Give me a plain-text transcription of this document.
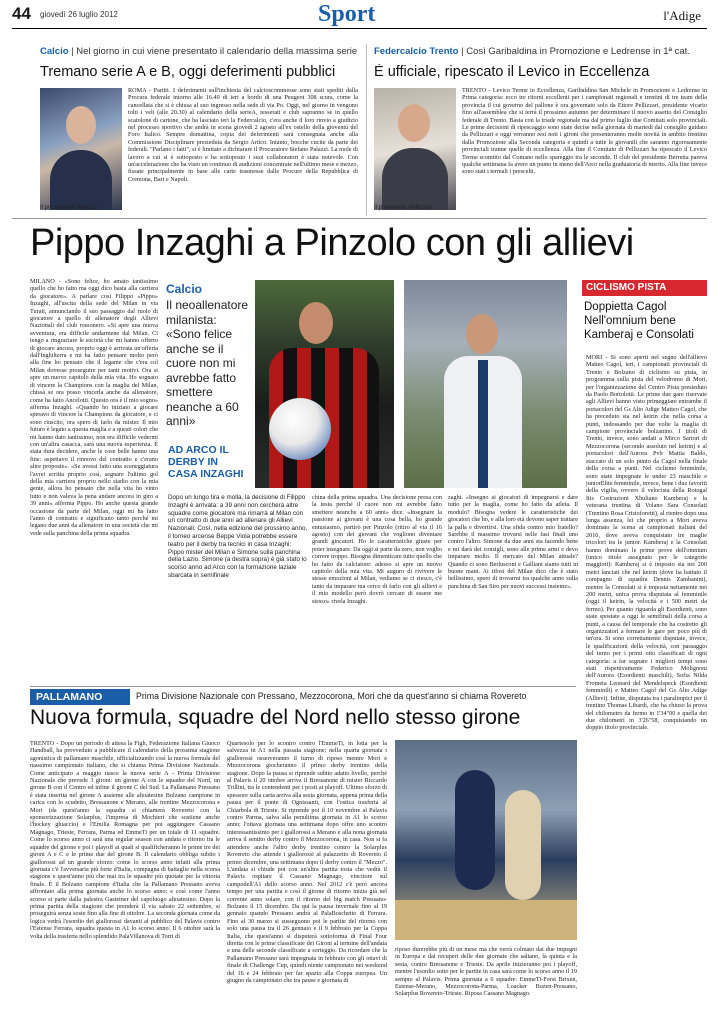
44 giovedì 26 luglio 2012	Sport	l'Adige
Calcio | Nel giorno in cui viene presentato il calendario della massima serie
Tremano serie A e B, oggi deferimenti pubblici
Il pm federale Palazzi
ROMA - Partiti. I deferimenti sull'inchiesta del calcioscommesse sono stati spediti dalla Procura federale intorno alle 16.40 di ieri a bordo di una Peugeot 308 scura, come la cancellata che si è chiusa al suo ingresso nella sede di via Po. Oggi, nel giorno in vengono tolti i veli (alle 20.30) al calendario della serieA, tesserati e club sapranno se in quello scatolone di cartone, che ha lasciato ieri la Federcalcio, c'era anche il loro rinvio a giudizio nel processo sportivo che andrà in scena giovedì 2 agosto all'ex ostello della gioventù del Foro Italico. Sempre domattina, copia dei deferimenti sarà consegnata anche alla Commissione Disciplinare presieduta da Sergio Artico. Intanto, bocche cucite da parte dei federali. "Parlano i fatti", si è limitato a dichiarare il Procuratore Stefano Palazzi. La mole di lavoro a cui si è sottoposto e ha sottoposto i suoi collaboratori è stata notevole. Con un'accelerazione che ha visto un continuo di audizioni concentrate nell'ultimo mese e mezzo, fissate principalmente in base alle carte trasmesse dalle Procure della Repubblica di Cremona, Bari e Napoli.
Federcalcio Trento | Così Garibaldina in Promozione e Ledrense in 1ª cat.
È ufficiale, ripescato il Levico in Eccellenza
Il presidente Pellizzari
TRENTO - Levico Terme in Eccellenza, Garibaldina San Michele in Promozione e Ledrense in Prima categoria: ecco tre ritorni eccellenti per i campionati regionali e trentini di tre team della provincia il cui governo del pallone è ora governato solo da Ettore Pellizzari, presidente vicario fino all'assemblea che si terrà il prossimo autunno per determinare il nuovo assetto del Consiglio federale di Trento. Basta con la triade regionale ma dal primo luglio due Comitati solo provinciali. Le prime decisioni di ripescaggio sono state decise nella giornata di martedì dal consiglio guidato da Pellizzari e oggi verranno resi noti i gironi che presenteranno molte novità in ambito trentino dalla Promozione alla Seconda categoria e quindi a tutte le giovanili che saranno rigorosamente provinciali tranne quelle di eccellenza. Alla fine il Comitato di Pellizzari ha ripescato il Levico Terme scomitto dal Comano nello spareggio tra le seconde. Il club del presidente Berretta pareva qualche settimana fa avere un punto in meno dell'Arco nella graduatoria di merito. Alla fine invece sono stati i termali i prescelti.
Pippo Inzaghi a Pinzolo con gli allievi
MILANO - «Sono felice, ho amato tantissimo quello che ho fatto ma oggi dico basta alla carriera da giocatore». A parlare così Filippo «Pippo» Inzaghi, all'uscita della sede del Milan in via Turati, annunciando il suo passaggio dal ruolo di giocatore a quello di allenatore degli Allievi Nazionali del club rossonero. «Si apre una nuova avventura, era difficile andarmene dal Milan. Ci tengo a ringraziare le società che mi hanno offerto di giocare ancora, proprio oggi è arrivata un'offerta dall'Inghilterra e mi ha fatto pensare molto però alla fine ho pensato che il legame che c'era col Milan dovesse proseguire per tanti motivi. Ora si apre un nuovo capitolo della mia vita. Ho sognato di vincere la Champions con la maglia del Milan, chissà se ora posso vincerla anche da allenatore, come ha fatto Ancelotti. Questo ora è il mio sogno» afferma Inzaghi. «Quando ho iniziato a giocare speravo di vincere la Champions da giocatore, e ci sono riuscito, ora spero di farlo da mister. Il mio futuro è legato a questa maglia e a questi colori che mi hanno dato tantissimo, non era difficile vedermi con un'altra casacca, sarà una nuova esperienza. È stata dura decidere, anche le cose belle hanno una fine: aspettavo il rinnovo del contratto e c'erano altre proposte». «Se avessi fatto una sceneggiatura l'avrei scritta proprio così, segnare l'ultimo gol della mia carriera proprio nello stadio con la mia gente, allora ho pensato che nella vita ho vinto tutto e non valeva la pena andare ancora in giro a 39 anni» afferma Pippo. Ho anche questa grande occasione da parte del Milan, oggi mi ha fatto l'anno di contratto e significano tanto perché mi legano due anni da allenatore in una società che mi vede sulla panchina della prima squadra.
Calcio
Il neoallenatore milanista: «Sono felice anche se il cuore non mi avrebbe fatto smettere neanche a 60 anni»
AD ARCO IL DERBY IN CASA INZAGHI
Dopo un lungo tira e molla, la decisione di Filippo Inzaghi è arrivata: a 39 anni non cercherà altre squadre come giocatore ma rimarrà al Milan con un contratto di due anni ad allenare gli Allievi Nazionali. Così, nella edizione del prossimo anno, il torneo arcense Beppe Viola potrebbe essere teatro per il derby tra tecnici in casa Inzaghi: Pippo mister del Milan e Simone sulla panchina della Lazio. Simone (a destra sopra) è già stato lo scorso anno ad Arco con la formazione laziale sbarcata in semifinale
china della prima squadra. Una decisione presa con la testa perché il cuore non mi avrebbe fatto smettere neanche a 60 anni» dice. «Insegnare la passione ai giovani è una cosa bella, ho grande entusiasmo, partirò per Pinzolo (ritiro al via il 16 agosto) con dei giovani che vogliono diventare grandi giocatori. Ho le caratteristiche giuste per poter insegnare. Da oggi si parte da zero, non voglio correre troppo. Bisogna dimenticare tutto quello che ho fatto da calciatore: adesso si apre un nuovo capitolo della mia vita. Mi auguro di rivivere le stesse emozioni al Milan, vediamo se ci riesco, c'è tanto da imparare ma cerco di farlo con gli allievi e il mio modello però dovrò cercare di essere me stesso» rivela Inzaghi.
zaghi. «Insegno ai giocatori di impegnarsi e dare tutto per la maglia, come ho fatto da atleta. Il modulo? Bisogna vedere le caratteristiche dei giocatori che ho, e alla loro età devono saper trattare la palla e divertirsi. Una sfida contro mio fratello? Sarebbe il massimo trovarsi nelle fasi finali uno contro l'altro. Simone da due anni sta facendo bene e mi darà dei consigli, sono alle prime armi e devo imparare molto. Il mercato del Milan attuale? Quando ci sono Berlusconi e Galliani siamo tutti in buone mani. Ai tifosi del Milan dico che è stato bellissimo, spero di trovarmi tra qualche anno sulla panchina di San Siro per nuovi successi insieme».
CICLISMO PISTA
Doppietta Cagol Nell'omnium bene Kamberaj e Consolati
MORI - Si sono aperti nel segno dell'allievo Matteo Cagol, ieri, i campionati provinciali di Trento e Bolzano di ciclismo su pista, in programma sulla pista del velodromo di Mori, per l'organizzazione del Centro Pista presieduto da Paolo Bortolotti. Le prime due gare riservate agli Allievi hanno visto primeggiare entrambe il portacolori del Gs Alto Adige Matteo Cagol, che ha preceduto sia nel keirin che nella corsa a punti, indossando per due volte la maglia di campione provinciale bolzanino. I titoli di Trento, invece, sono andati a Mirco Sartori di Mezzocorona (secondo assoluto nel keirin) e al portacolori dell'Aurora Pvb Mattia Baldo, staccato di un solo punto da Cagol nella finale della corsa a punti. Nel ciclismo femminile, sono state impegnate le under 23 maschile e juniorÉlite femminile, invece, bene i due favoriti della vigilia, ovvero il velocista della Rotogal Itis Costruzioni Xhuliano Kamberaj e la veterana trentina di Volano Sara Consolati (Trentino Rosa Cristoforetti), al rientro dopo una lunga assenza, lei che proprio a Mori aveva dominato la scena ai campionati italiani del 2010, dove aveva conquistato tre maglie tricolori tra le junior. Kamberaj e la Consolati hanno dominato le prime prove dell'omnium (unico titolo assegnato per le categorie maggiori): Kamberaj si è imposto sia nei 200 metri lanciati che nel keirin (dove ha battuto il compagno di squadra Dennis Zambanini), mentre la Consolati si è imposta nettamente nei 200 metri, unica prova disputata al femminile (oggi il keirin, la velocità e i 500 metri da fermo). Per quanto riguarda gli Esordienti, sono state spostate a oggi le semifinali della corsa a punti, a causa del temporale che ha costretto gli organizzatori a fermare le gare per poco più di un'ora. Si sono correttamente disputate, invece, le qualificazioni della velocità, con passaggio del turno per i primi otto classificati di ogni categoria: a far segnare i migliori tempi sono stati rispettivamente Federico Molignoni dell'Aurora (Esordienti maschili), Sofia Nilda Frometa Leonard del Mendelspeck (Esordienti femminili) e Matteo Cagol del Gs Alto Adige (Allievi). Infine, disputata tra i paralimpici per il trentino Thomas Libardi, che ha chiuso la prova del chilometro da fermo in 1'34"00 e quella dei due chilometri in 3'26"58, conquistando un doppio titolo provinciale.
PALLAMANO	Prima Divisione Nazionale con Pressano, Mezzocorona, Mori che da quest'anno si chiama Rovereto
Nuova formula, squadre del Nord nello stesso girone
TRENTO - Dopo un periodo di attesa la Figh, Federazione Italiana Giuoco Handball, ha provveduto a pubblicare il calendario della prossima stagione agonistica di pallamano maschile, ufficializzando così la nuova formula del massimo campionato italiano, che si chiama Prima Divisione Nazionale. Come anticipato a maggio nasce la nuova serie A - Prima Divisione Nazionale che prevede 3 gironi: un girone A con le squadre del Nord, un girone B con il Centro ed infine il girone C del Sud. La Pallamano Pressano è stata inserita nel girone A assieme alle altoatesine Bolzano campione in carica con lo scudetto, Bressanone e Merano, alle trentine Mezzocorona e Mori (da quest'anno la squadra si chiamerà Rovereto con la sponsorizzazione Solarplus, l'impresa di Mochieri che sostiene anche l'hockey ghiaccio) e l'Emilia Romagna per poi aggiungere Cassano Magnago, Trieste, Ferrara, Parma ed EmmeTi per un totale di 11 squadre. Come lo scorso anno ci sarà una regular season con andata e ritorno tra le squadre del girone e poi i playoff ai quali si qualificheranno le prime tre dei gironi A e C e le prime due del girone B. Il calendario obbliga subito i giallorossi ad un grande sforzo: come lo scorso anno infatti alla prima giornata c'è l'avversaria più forte d'Italia, compagna di battaglie nella scorsa stagione e quest'anno più che mai tra le squadre più quotate per la vittoria finale. È il Bolzano campione d'Italia che la Pallamano Pressano aveva affrontato alla prima giornata anche lo scorso anno; e così come l'anno scorso si parte dalla palestra Gasteiner del capoluogo altoatesino. Dopo la prima partita della stagione che prenderà il via sabato 22 settembre, si proseguirà senza soste fino alla fine di ottobre. La seconda giornata come da logica vedrà l'esordio dei giallorossi davanti al pubblico del Palavis contro l'Estense Ferrara, squadra questa in A1 lo scorso anno. Il 6 ottobre sarà la volta della trasferta nello splendido PalaVillanova di Torri di
Quartesolo per lo scontro contro l'EmmeTi, in lotta per la salvezza in A1 nella passata stagione; nella quarta giornata i giallorossi osserveranno il turno di riposo mentre Mori e Mezzocorona giocheranno il primo derby trentino della stagione. Dopo la pausa si riprende subito adatto livello, perché al Palavis il 20 ottobre arriva il Bressanone di mister Riccardo Trillini, tra le contendenti per i posti ai playoff. Ultimo sforzo di spessore sulla carta arriva alla sesta giornata, appena prima della pausa per il ponte di Ognissanti, con l'ostica trasferta al Chiarbola di Trieste. Si riprende poi il 10 novembre al Palavis contro Parma, salva alla penultima giornata in A1 lo scorso anno; l'ottava giornata una settimana dopo offre uno scontro interessantissimo per i giallorossi a Merano e alla nona giornata arriva il sentito derby contro il Mezzocorona, in casa. Non si fa attendere anche l'altro derby trentino contro la Solarplus Rovereto che attende i giallorossi al palazzetto di Rovereto il primo dicembre, una settimana dopo il derby contro il "Mezzo". L'andata si chiude poi con un'altra partita tosta che vedrà il Palavis ospitare il Cassano Magnago, vincitore sul campodell'A1 dello scorso anno. Nel 2012 c'è però ancora tempo per una partita e così il girone di ritorno inizia già nel corrente anno solare, con il ritorno del big match Pressano-Bolzano il 15 dicembre. Da qui la pausa invernale fino al 19 gennaio quando Pressano andrà al PalaBoschetto di Ferrara. Fino al 30 marzo si susseguono poi le partite del ritorno con solo una pausa tra il 26 gennaio e il 9 febbraio per la Coppa Italia, che quest'anno si disputerà sottoforma di Final Four diretta con le prime classificate dei Gironi al termine dell'andata e una delle seconde classificate a sorteggio. Da ricordare che la Pallamano Pressano sarà impegnata in febbraio con gli ottavi di finale di Challenge Cup, quindi niente campionato nei weekend del 16 e 24 febbraio per far spazio alla Coppa europea. Un giugno da campionato che tra pause e giornata di
riposo durerebbe più di un mese ma che verrà colmato dai due impegni in Europa e dai recuperi delle due giornate che saltano, la quinta e la sesta, contro Bressanone e Trieste. Da aprile inizieranno poi i playoff, mentre l'esordio sotto per le partite in casa sarà come lo scorso anno il 19 sempre al Palavis. Prima giornata a 6 squadre: EmmeTi-Forst Brixen, Estense-Merano, Mezzocorona-Parma, Loacker Bozen-Pressano, Solarplus Rovereto-Trieste. Riposa Cassano Magnago.
